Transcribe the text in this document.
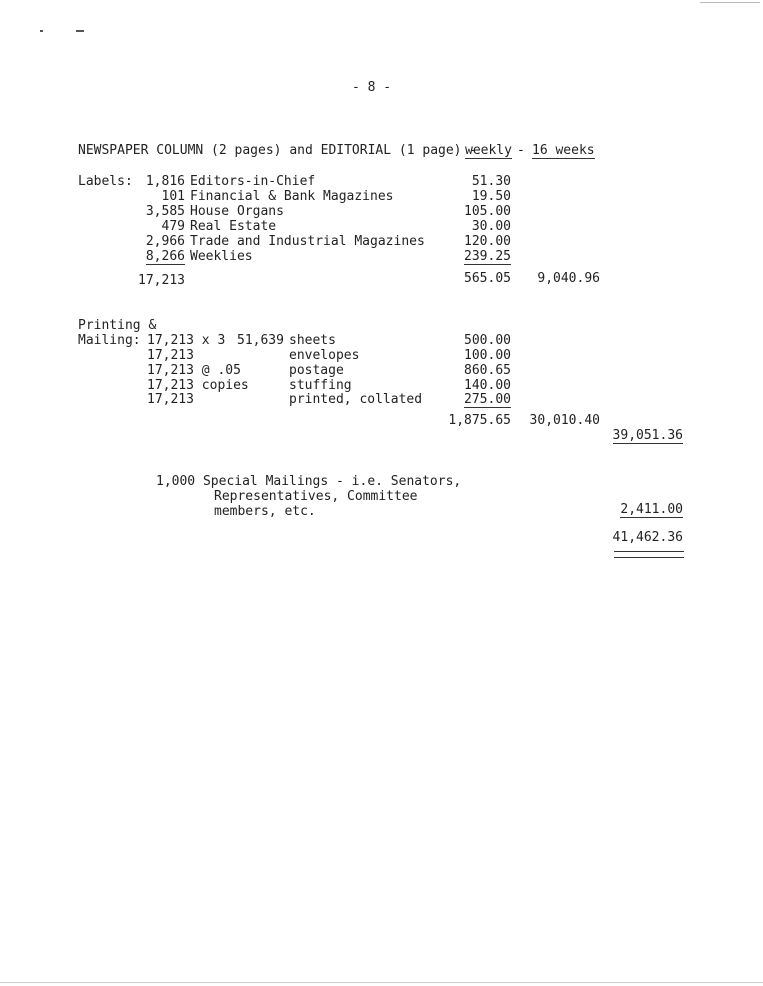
- 8 -
NEWSPAPER COLUMN (2 pages) and EDITORIAL (1 page) -
weekly - 16 weeks
Labels: 1,816 Editors-in-Chief	51.30
101 Financial & Bank Magazines	19.50
3,585 House Organs	105.00
479 Real Estate	30.00
2,966 Trade and Industrial Magazines	120.00
8,266 Weeklies	239.25
17,213	565.05 9,040.96
Printing &
Mailing: 17,213 x 3 51,639 sheets	500.00
17,213	envelopes	100.00
17,213 @ .05	postage	860.65
17,213 copies	stuffing	140.00
17,213	printed, collated	275.00
1,875.65 30,010.40
39,051.36
1,000 Special Mailings - i.e. Senators,
Representatives, Committee
members, etc.	2,411.00
41,462.36
